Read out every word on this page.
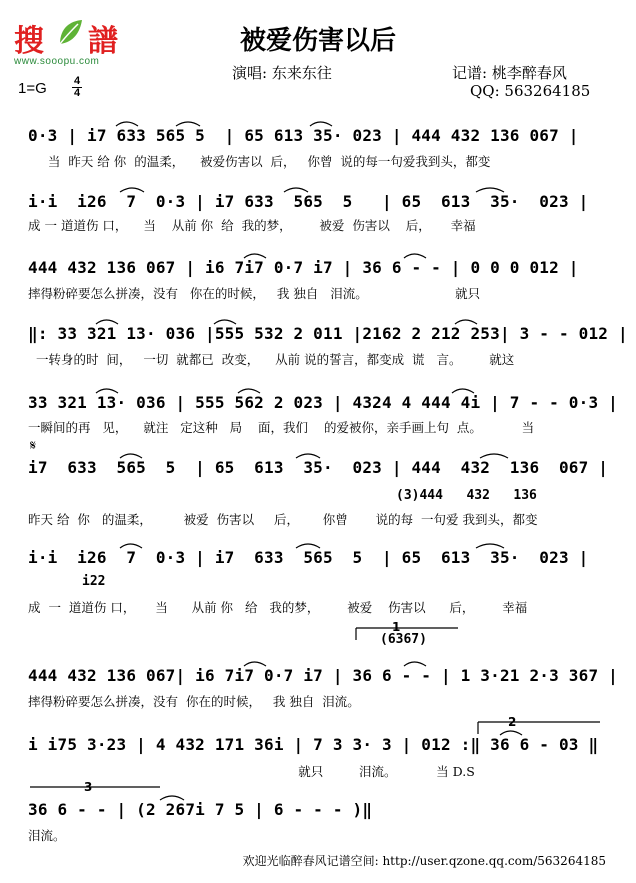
搜 譜
www.sooopu.com
被爱伤害以后
演唱: 东来东往	记谱: 桃李醉春风
QQ: 563264185
1=G 4
4
0·3 | i7 633 565 5  | 65 613 35· 023 | 444 432 136 067 |
当  昨天 给 你  的温柔，    被爱伤害以  后，   你曾  说的每一句爱我到头，都变
i·i  i26  7  0·3 | i7 633  565  5   | 65  613  35·  023 |
成 一 道道伤 口，    当    从前 你  给  我的梦，       被爱  伤害以    后，     幸福
444 432 136 067 | i6 7i7 0·7 i7 | 36 6 - - | 0 0 0 012 |
摔得粉碎要怎么拼凑，没有   你在的时候，   我 独自   泪流。                      就只
‖: 33 321 13· 036 |555 532 2 011 |2162 2 212 253| 3 - - 012 |
一转身的时  间，   一切  就都已  改变，    从前 说的誓言，都变成  谎   言。       就这
33 321 13· 036 | 555 562 2 023 | 4324 4 444 4i | 7 - - 0·3 |
一瞬间的再   见，    就注   定这种   局    面，我们    的爱被你，亲手画上句  点。          当
𝄋
i7  633  565  5  | 65  613  35·  023 | 444  432  136  067 |
(3)444   432   136
昨天 给  你   的温柔，        被爱  伤害以     后，      你曾       说的每  一句爱 我到头，都变
i·i  i26  7  0·3 | i7  633  565  5  | 65  613  35·  023 |
i22
成  一  道道伤 口，     当      从前 你   给   我的梦，       被爱    伤害以      后，       幸福
(6367)
444 432 136 067| i6 7i7 0·7 i7 | 36 6 - - | 1 3·21 2·3 367 |
摔得粉碎要怎么拼凑，没有  你在的时候，   我 独自  泪流。
i i75 3·23 | 4 432 171 36i | 7 3 3· 3 | 012 :‖ 36 6 - 03 ‖
就只         泪流。          当 D.S
36 6 - - | (2 267i 7 5 | 6 - - - )‖
泪流。
1
2
3
欢迎光临醉春风记谱空间: http://user.qzone.qq.com/563264185
